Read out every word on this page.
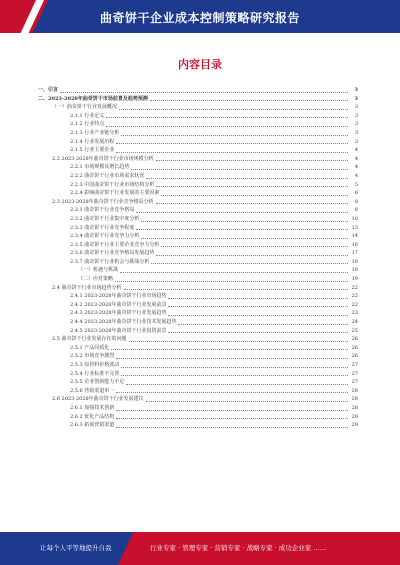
曲奇饼干企业成本控制策略研究报告
内容目录
一、引言	3
二、2023-2028年曲奇饼干市场前景及趋势预测	3
（一）曲奇饼干行业发展概况	3
2.1.1 行业定义	3
2.1.2 行业特点	3
2.1.3 行业产业链分析	3
2.1.4 行业发展历程	3
2.1.5 行业主要企业	4
2.2 2023-2028年曲奇饼干行业市场规模分析	4
2.2.1 市场规模及增长趋势	4
2.2.2 曲奇饼干行业市场需求状况	4
2.2.3 中国曲奇饼干行业市场结构分析	5
2.2.4 影响曲奇饼干行业发展的主要因素	6
2.3 2023-2028年曲奇饼干行业竞争格局分析	8
2.3.1 曲奇饼干行业竞争格局	8
2.3.2 曲奇饼干行业集中度分析	10
2.3.3 曲奇饼干行业竞争程度	13
2.3.4 曲奇饼干行业竞争力分析	14
2.3.5 曲奇饼干行业主要企业竞争力分析	16
2.3.6 曲奇饼干行业竞争格局发展趋势	17
2.3.7 曲奇饼干行业机会与挑战分析	18
（一）机遇与挑战	18
（二）应对策略	19
2.4 曲奇饼干行业市场趋势分析	22
2.4.1 2023-2028年曲奇饼干行业市场趋势	22
2.4.2 2023-2028年曲奇饼干行业发展前景	22
2.4.3 2023-2028年曲奇饼干行业发展趋势	23
2.4.4 2023-2028年曲奇饼干行业技术发展趋势	24
2.4.5 2023-2028年曲奇饼干行业投资前景	25
2.5 曲奇饼干行业发展存在的问题	26
2.5.1 产品同质化	26
2.5.2 市场竞争激烈	26
2.5.3 原材料价格波动	27
2.5.4 行业标准不完善	27
2.5.5 企业创新能力不足	27
2.5.6 营销渠道单一	28
2.6 2023-2028年曲奇饼干行业发展建议	28
2.6.1 加强技术创新	28
2.6.2 优化产品结构	29
2.6.3 拓展营销渠道	29
让每个人平等地提升自我	行业专家 · 管理专家 · 营销专家 · 战略专家 · 成功企业家 ……
